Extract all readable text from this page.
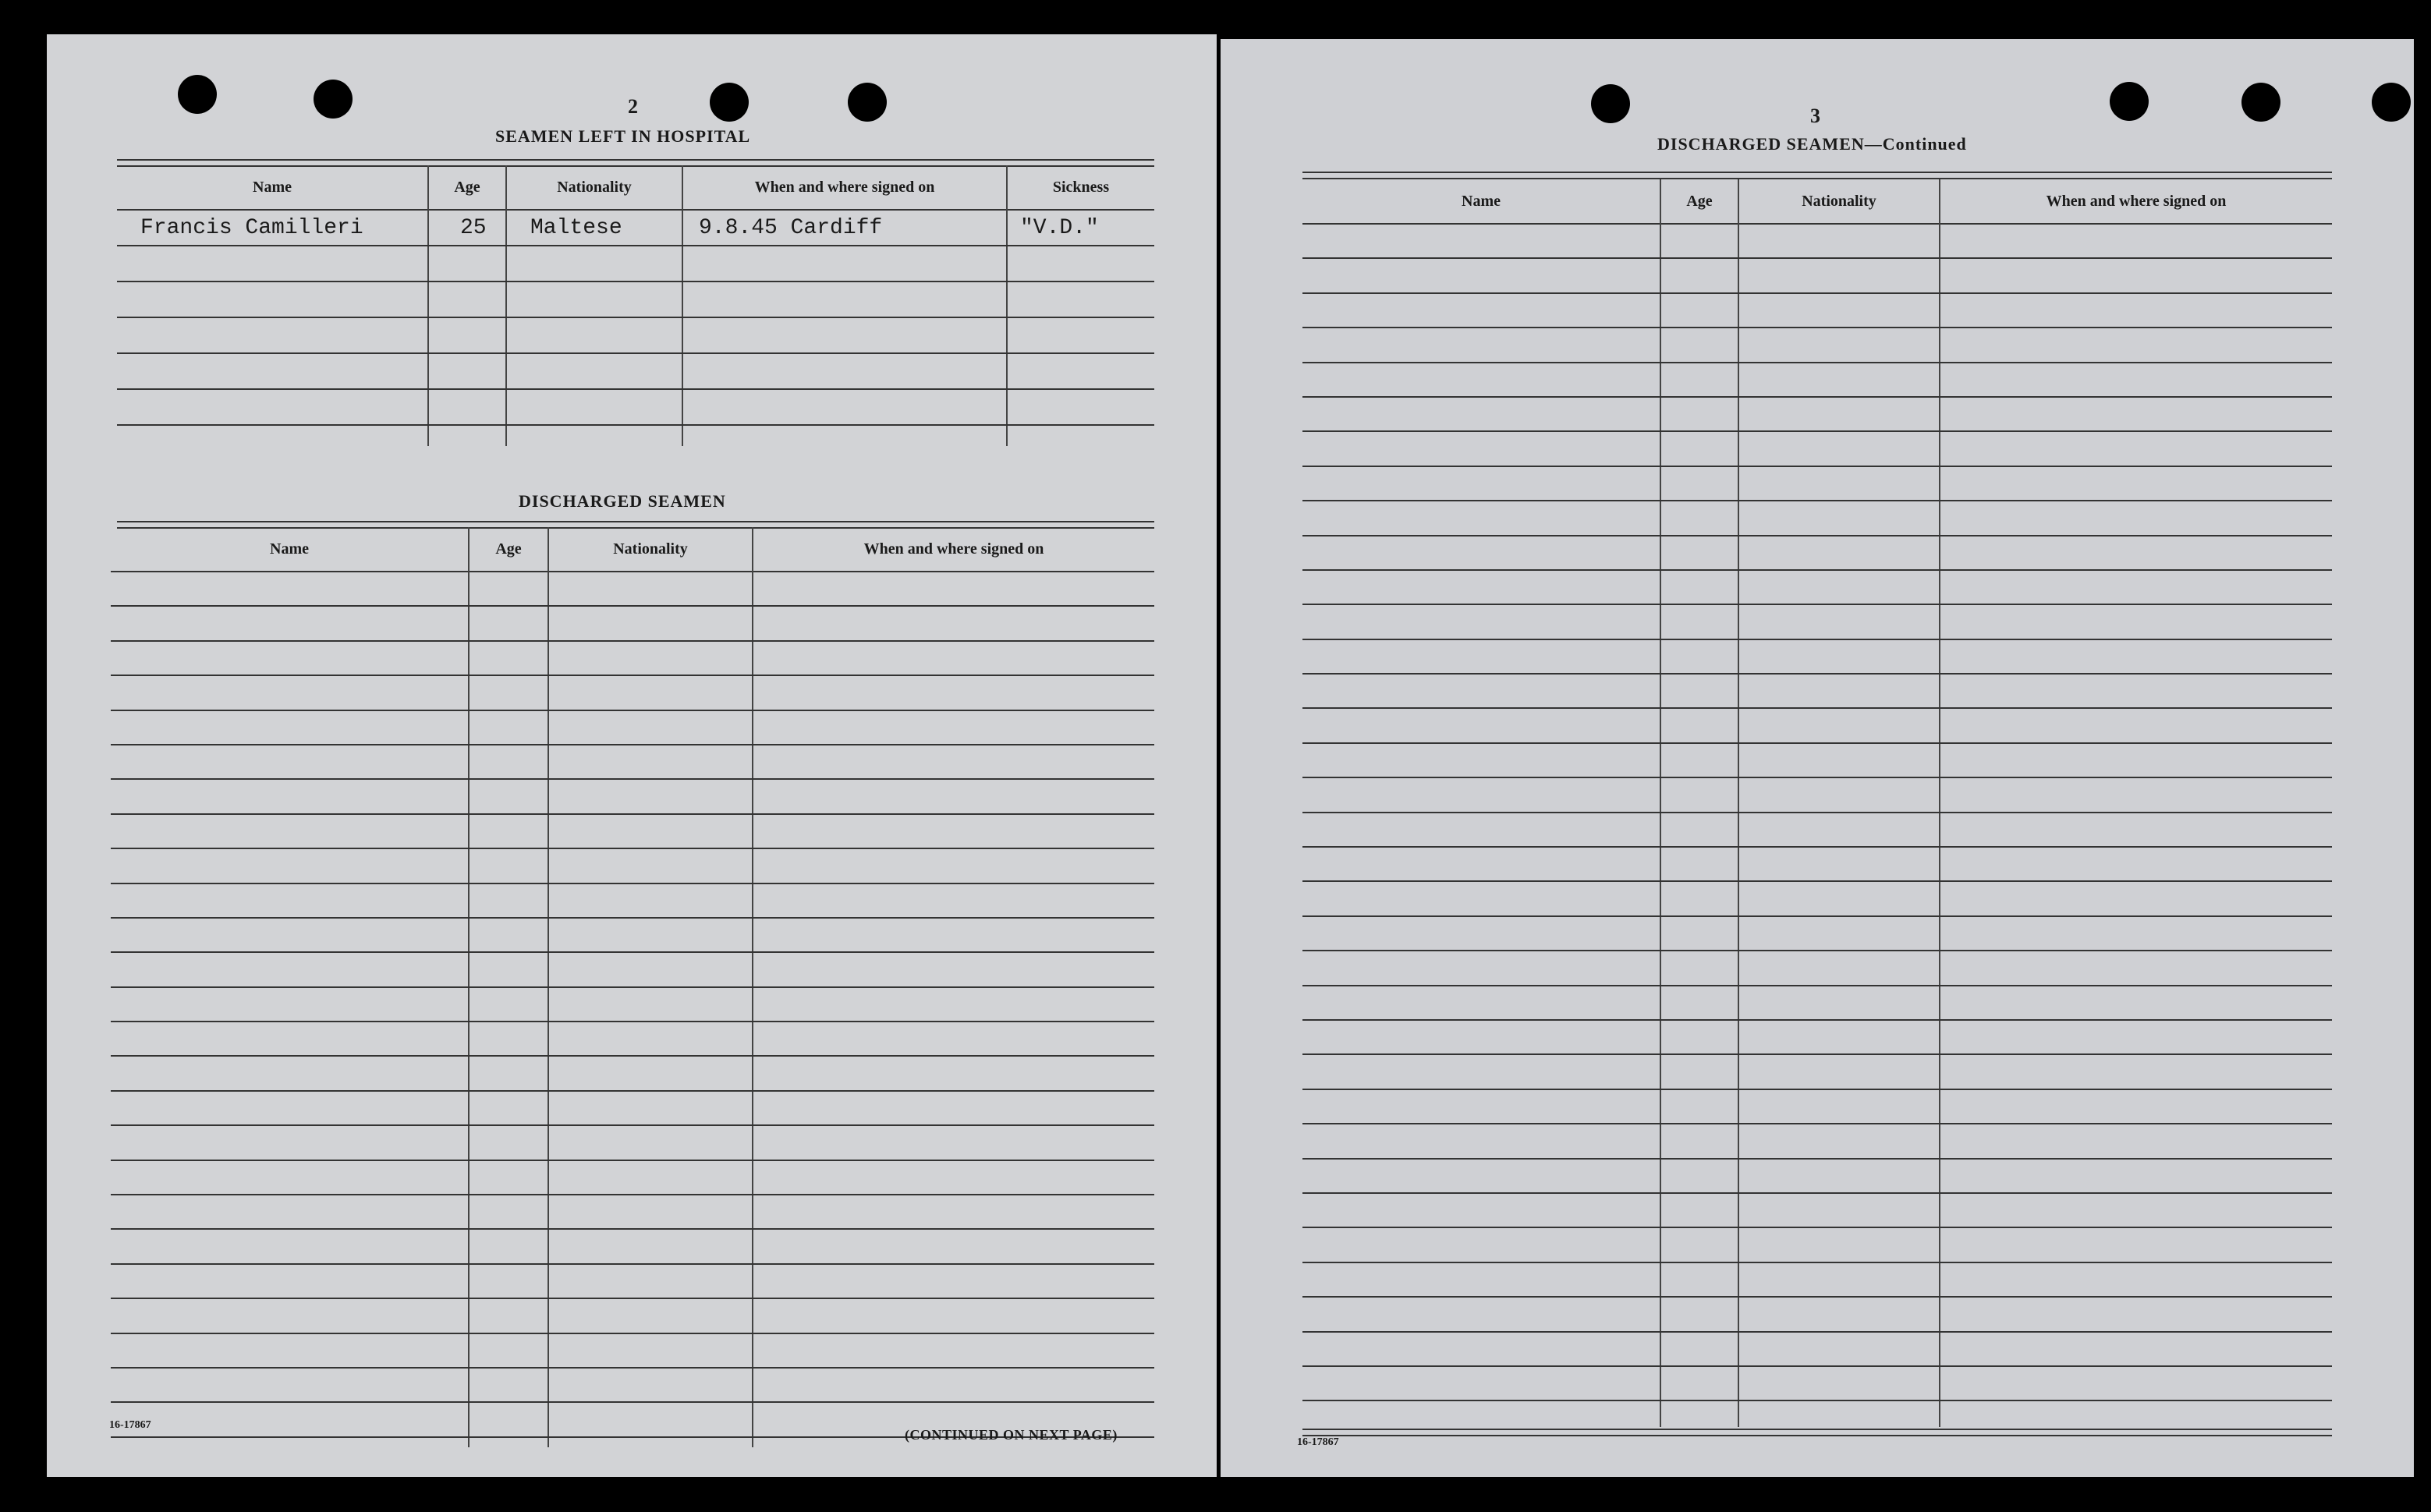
2
SEAMEN LEFT IN HOSPITAL
Name	Age	Nationality	When and where signed on	Sickness
Francis Camilleri	25 Maltese	9.8.45 Cardiff	"V.D."
DISCHARGED SEAMEN
Name	Age	Nationality	When and where signed on
16-17867
(CONTINUED ON NEXT PAGE)
3
DISCHARGED SEAMEN—Continued
Name	Age	Nationality	When and where signed on
16-17867
